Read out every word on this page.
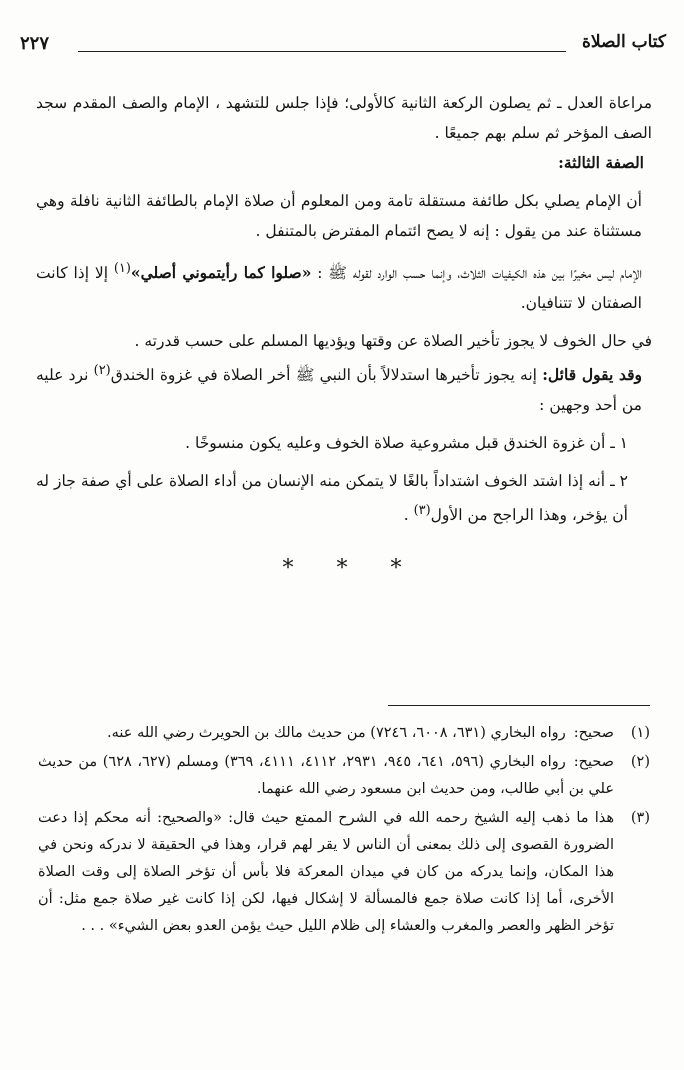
كتاب الصلاة
٢٢٧

مراعاة العدل ـ ثم يصلون الركعة الثانية كالأولى؛ فإذا جلس للتشهد ، الإمام والصف المقدم سجد الصف المؤخر ثم سلم بهم جميعًا .

الصفة الثالثة:

أن الإمام يصلي بكل طائفة مستقلة تامة ومن المعلوم أن صلاة الإمام بالطائفة الثانية نافلة وهي مستثناة عند من يقول : إنه لا يصح ائتمام المفترض بالمتنفل .

الإمام ليس مخيرًا بين هذه الكيفيات الثلاث، وإنما حسب الوارد لقوله ﷺ : «صلوا كما رأيتموني أصلي»$^{(١)}$ إلا إذا كانت الصفتان لا تتنافيان.

في حال الخوف لا يجوز تأخير الصلاة عن وقتها ويؤديها المسلم على حسب قدرته .

وقد يقول قائل: إنه يجوز تأخيرها استدلالاً بأن النبي ﷺ أخر الصلاة في غزوة الخندق$^{(٢)}$ نرد عليه من أحد وجهين :

١ ـ أن غزوة الخندق قبل مشروعية صلاة الخوف وعليه يكون منسوخًا .

٢ ـ أنه إذا اشتد الخوف اشتداداً بالغًا لا يتمكن منه الإنسان من أداء الصلاة على أي صفة جاز له أن يؤخر، وهذا الراجح من الأول$^{(٣)}$ .

* * *
(١)
صحيح:رواه البخاري (٦٣١، ٦٠٠٨، ٧٢٤٦) من حديث مالك بن الحويرث رضي الله عنه.
(٢)
صحيح:رواه البخاري (٥٩٦، ٦٤١، ٩٤٥، ٢٩٣١، ٤١١٢، ٤١١١، ٣٦٩) ومسلم (٦٢٧، ٦٢٨) من حديث علي بن أبي طالب، ومن حديث ابن مسعود رضي الله عنهما.
(٣)
هذا ما ذهب إليه الشيخ رحمه الله في الشرح الممتع حيث قال: «والصحيح: أنه محكم إذا دعت الضرورة القصوى إلى ذلك بمعنى أن الناس لا يقر لهم قرار، وهذا في الحقيقة لا ندركه ونحن في هذا المكان، وإنما يدركه من كان في ميدان المعركة فلا بأس أن تؤخر الصلاة إلى وقت الصلاة الأخرى، أما إذا كانت صلاة جمع فالمسألة لا إشكال فيها، لكن إذا كانت غير صلاة جمع مثل: أن تؤخر الظهر والعصر والمغرب والعشاء إلى ظلام الليل حيث يؤمن العدو بعض الشيء» . . .
